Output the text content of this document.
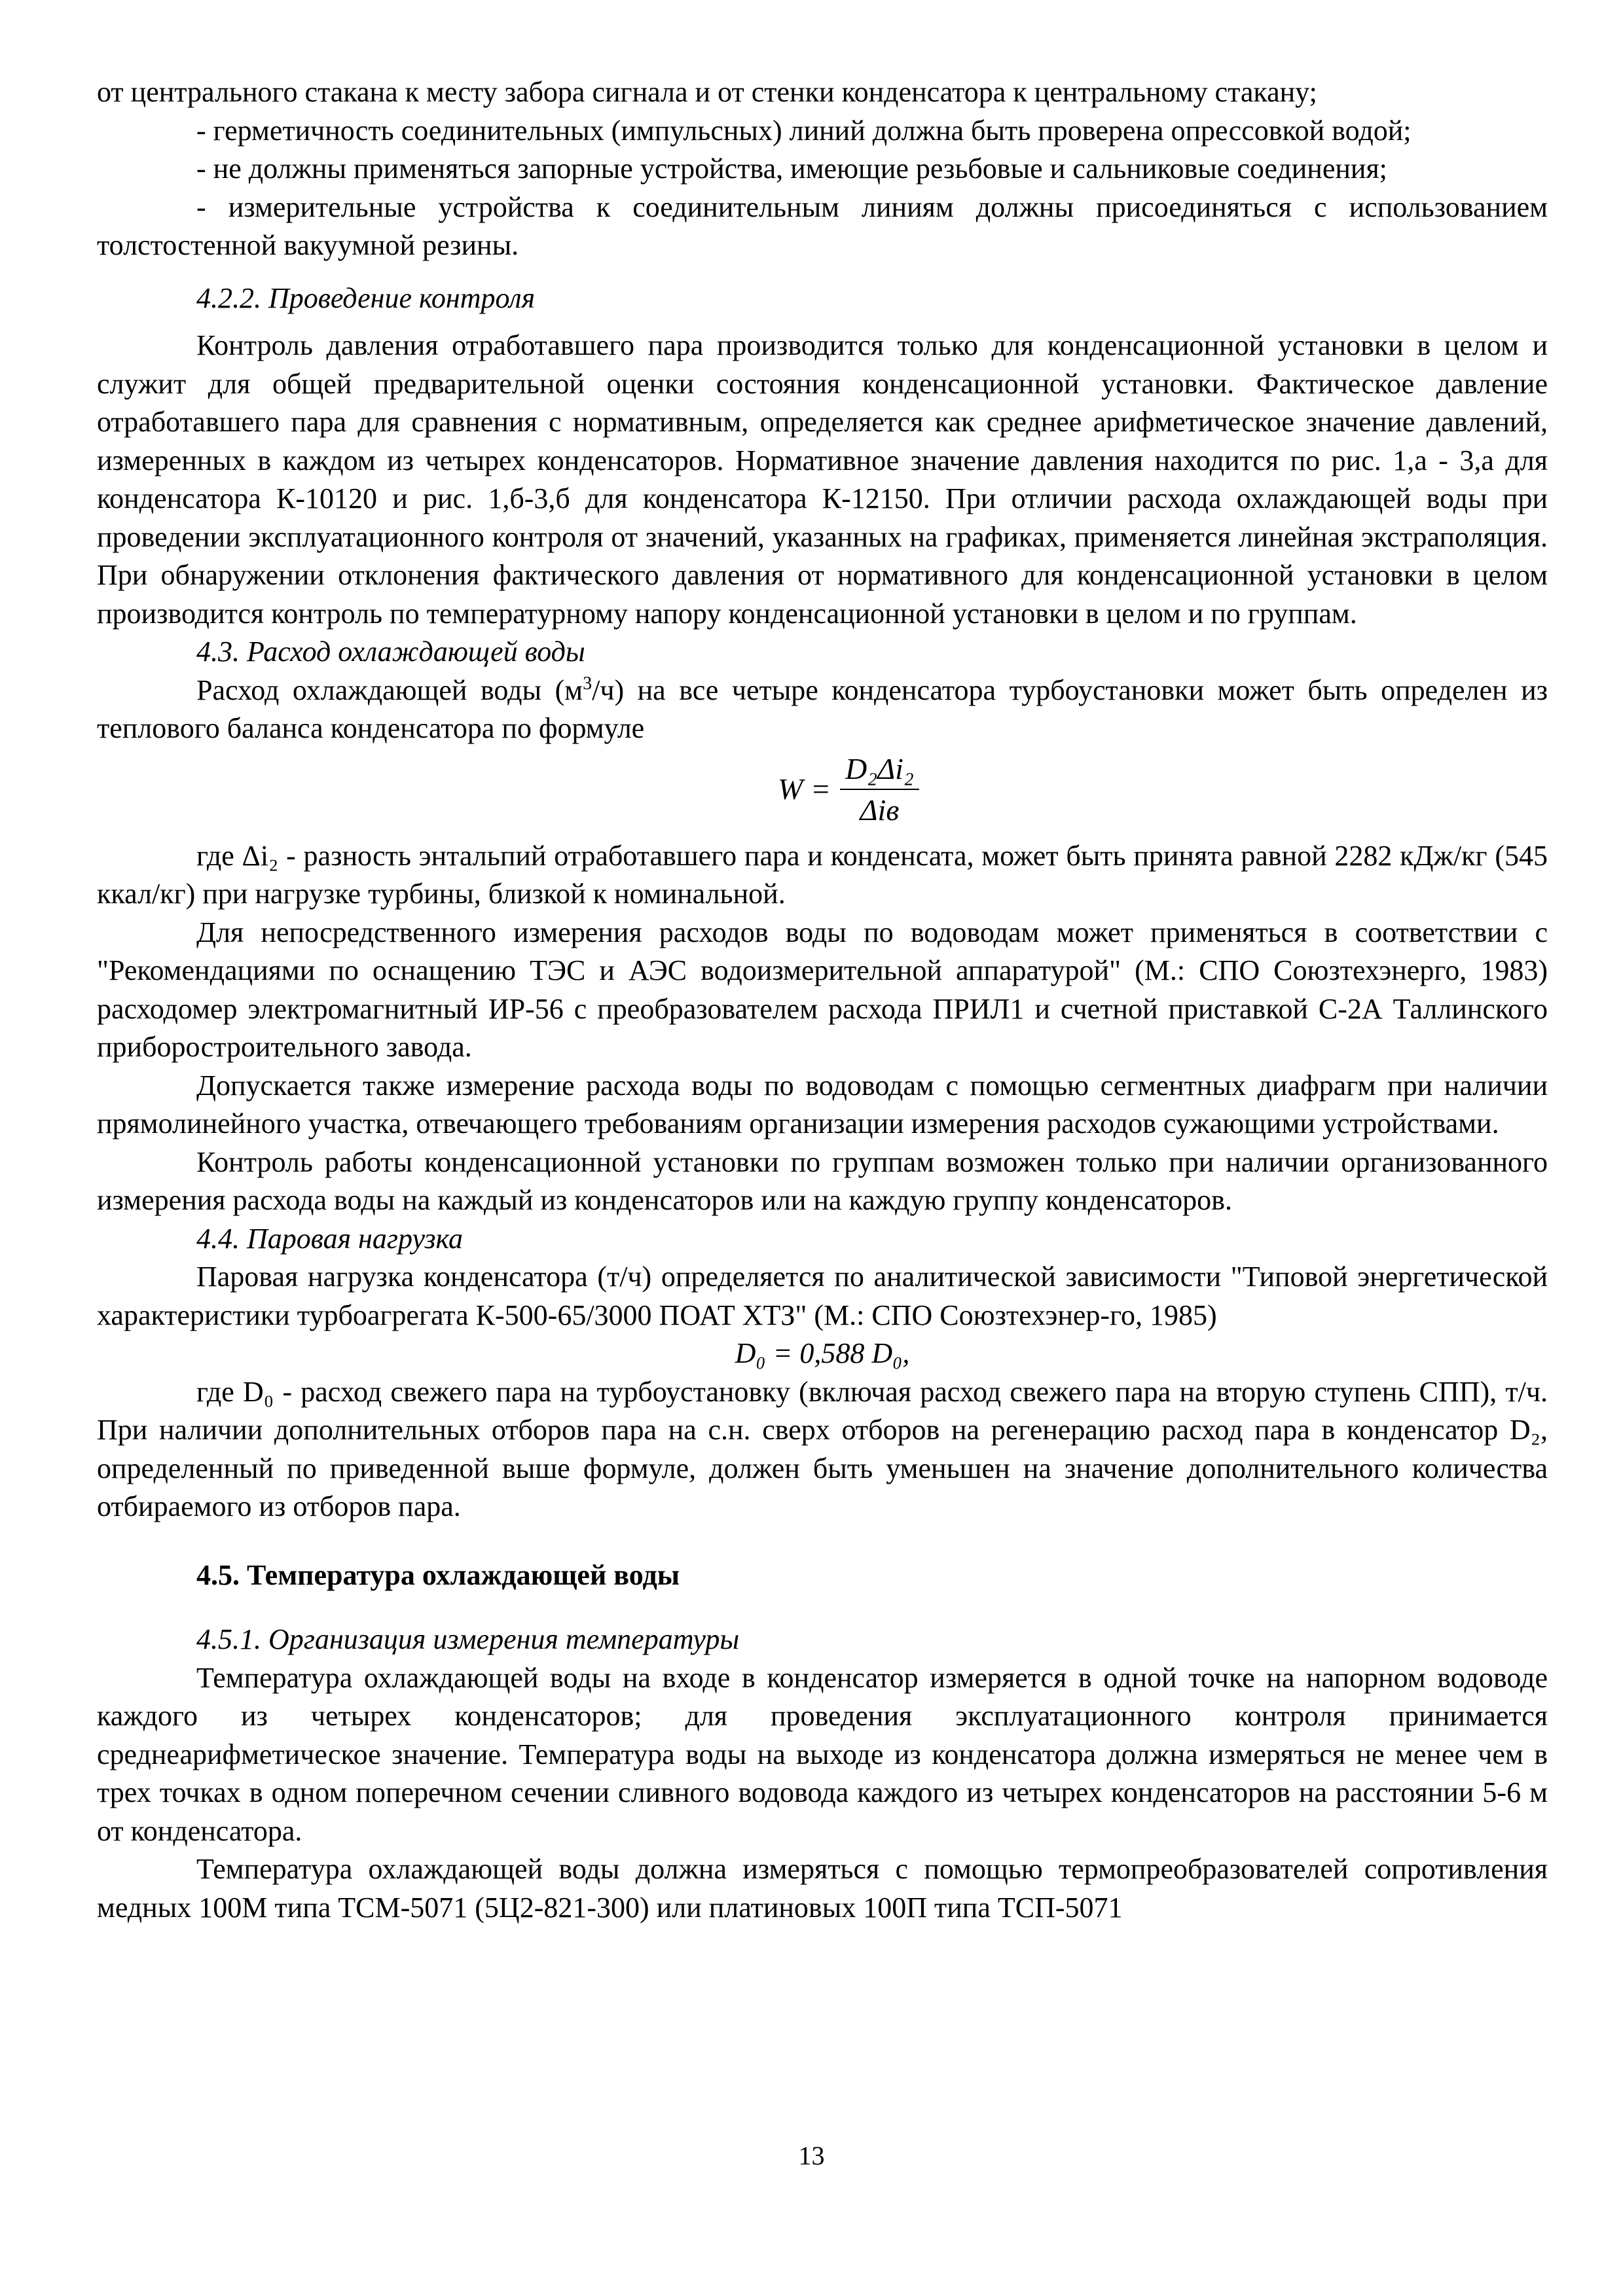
от центрального стакана к месту забора сигнала и от стенки конденсатора к центральному стакану;

- герметичность соединительных (импульсных) линий должна быть проверена опрессовкой водой;

- не должны применяться запорные устройства, имеющие резьбовые и сальниковые соединения;

- измерительные устройства к соединительным линиям должны присоединяться с использованием толстостенной вакуумной резины.

4.2.2. Проведение контроля

Контроль давления отработавшего пара производится только для конденсационной установки в целом и служит для общей предварительной оценки состояния конденсационной установки. Фактическое давление отработавшего пара для сравнения с нормативным, определяется как среднее арифметическое значение давлений, измеренных в каждом из четырех конденсаторов. Нормативное значение давления находится по рис. 1,а - 3,а для конденсатора К-10120 и рис. 1,б-3,б для конденсатора К-12150. При отличии расхода охлаждающей воды при проведении эксплуатационного контроля от значений, указанных на графиках, применяется линейная экстраполяция. При обнаружении отклонения фактического давления от нормативного для конденсационной установки в целом производится контроль по температурному напору конденсационной установки в целом и по группам.

4.3. Расход охлаждающей воды

Расход охлаждающей воды $(м^3/ч)$ на все четыре конденсатора турбоустановки может быть определен из теплового баланса конденсатора по формуле

$W = \frac{\text{D₂Δi₂}}{\text{Δiв}}$

где Δi₂ - разность энтальпий отработавшего пара и конденсата, может быть принята равной 2282 кДж/кг (545 ккал/кг) при нагрузке турбины, близкой к номинальной.

Для непосредственного измерения расходов воды по водоводам может применяться в соответствии с "Рекомендациями по оснащению ТЭС и АЭС водоизмерительной аппаратурой" (М.: СПО Союзтехэнерго, 1983) расходомер электромагнитный ИР-56 с преобразователем расхода ПРИЛ1 и счетной приставкой С-2А Таллинского приборостроительного завода.

Допускается также измерение расхода воды по водоводам с помощью сегментных диафрагм при наличии прямолинейного участка, отвечающего требованиям организации измерения расходов сужающими устройствами.

Контроль работы конденсационной установки по группам возможен только при наличии организованного измерения расхода воды на каждый из конденсаторов или на каждую группу конденсаторов.

4.4. Паровая нагрузка

Паровая нагрузка конденсатора (т/ч) определяется по аналитической зависимости "Типовой энергетической характеристики турбоагрегата К-500-65/3000 ПОАТ ХТЗ" (М.: СПО Союзтехэнер-го, 1985)

D₀ = 0,588 D₀,

где D₀ - расход свежего пара на турбоустановку (включая расход свежего пара на вторую ступень СПП), т/ч. При наличии дополнительных отборов пара на с.н. сверх отборов на регенерацию расход пара в конденсатор D₂, определенный по приведенной выше формуле, должен быть уменьшен на значение дополнительного количества отбираемого из отборов пара.

4.5. Температура охлаждающей воды

4.5.1. Организация измерения температуры

Температура охлаждающей воды на входе в конденсатор измеряется в одной точке на напорном водоводе каждого из четырех конденсаторов; для проведения эксплуатационного контроля принимается среднеарифметическое значение. Температура воды на выходе из конденсатора должна измеряться не менее чем в трех точках в одном поперечном сечении сливного водовода каждого из четырех конденсаторов на расстоянии 5-6 м от конденсатора.

Температура охлаждающей воды должна измеряться с помощью термопреобразователей сопротивления медных 100М типа ТСМ-5071 (5Ц2-821-300) или платиновых 100П типа ТСП-5071

13
